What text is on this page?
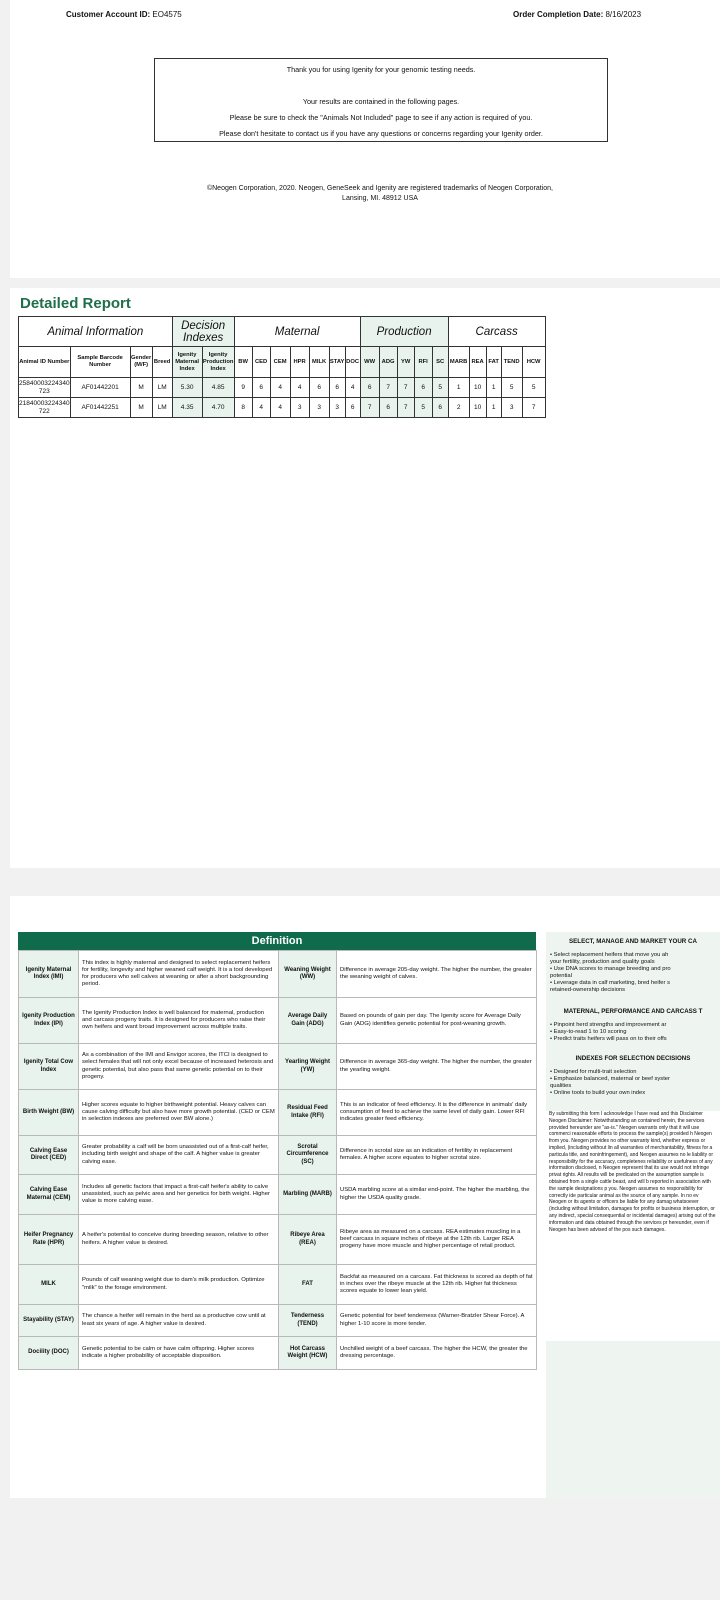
Customer Account ID: EO4575	Order Completion Date: 8/16/2023
Thank you for using Igenity for your genomic testing needs.
Your results are contained in the following pages.
Please be sure to check the "Animals Not Included" page to see if any action is required of you.
Please don't hesitate to contact us if you have any questions or concerns regarding your Igenity order.
©Neogen Corporation, 2020. Neogen, GeneSeek and Igenity are registered trademarks of Neogen Corporation,
Lansing, MI. 48912 USA
Detailed Report
Animal Information				Decision Indexes		Maternal							Production					Carcass				
Animal ID Number	Sample Barcode Number	Gender (M/F)	Breed	Igenity Maternal Index	Igenity Production Index	BW	CED	CEM	HPR	MILK	STAY	DOC	WW	ADG	YW	RFI	SC	MARB	REA	FAT	TEND	HCW
25840003224340 723	AF01442201	M	LM	5.30	4.85	9	6	4	4	6	6	4	6	7	7	6	5	1	10	1	5	5
21840003224340 722	AF01442251	M	LM	4.35	4.70	8	4	4	3	3	3	6	7	6	7	5	6	2	10	1	3	7
Definition
Igenity Maternal Index (IMI)	This index is highly maternal and designed to select replacement heifers for fertility, longevity and higher weaned calf weight. It is a tool developed for producers who sell calves at weaning or after a short backgrounding period.	Weaning Weight (WW)	Difference in average 205-day weight. The higher the number, the greater the weaning weight of calves.
Igenity Production Index (IPI)	The Igenity Production Index is well balanced for maternal, production and carcass progeny traits. It is designed for producers who raise their own heifers and want broad improvement across multiple traits.	Average Daily Gain (ADG)	Based on pounds of gain per day. The Igenity score for Average Daily Gain (ADG) identifies genetic potential for post-weaning growth.
Igenity Total Cow Index	As a combination of the IMI and Envigor scores, the ITCI is designed to select females that will not only excel because of increased heterosis and genetic potential, but also pass that same genetic potential on to their progeny.	Yearling Weight (YW)	Difference in average 365-day weight. The higher the number, the greater the yearling weight.
Birth Weight (BW)	Higher scores equate to higher birthweight potential. Heavy calves can cause calving difficulty but also have more growth potential. (CED or CEM in selection indexes are preferred over BW alone.)	Residual Feed Intake (RFI)	This is an indicator of feed efficiency. It is the difference in animals' daily consumption of feed to achieve the same level of daily gain. Lower RFI indicates greater feed efficiency.
Calving Ease Direct (CED)	Greater probability a calf will be born unassisted out of a first-calf heifer, including birth weight and shape of the calf. A higher value is greater calving ease.	Scrotal Circumference (SC)	Difference in scrotal size as an indication of fertility in replacement females. A higher score equates to higher scrotal size.
Calving Ease Maternal (CEM)	Includes all genetic factors that impact a first-calf heifer's ability to calve unassisted, such as pelvic area and her genetics for birth weight. Higher value is more calving ease.	Marbling (MARB)	USDA marbling score at a similar end-point. The higher the marbling, the higher the USDA quality grade.
Heifer Pregnancy Rate (HPR)	A heifer's potential to conceive during breeding season, relative to other heifers. A higher value is desired.	Ribeye Area (REA)	Ribeye area as measured on a carcass. REA estimates muscling in a beef carcass in square inches of ribeye at the 12th rib. Larger REA progeny have more muscle and higher percentage of retail product.
MILK	Pounds of calf weaning weight due to dam's milk production. Optimize "milk" to the forage environment.	FAT	Backfat as measured on a carcass. Fat thickness is scored as depth of fat in inches over the ribeye muscle at the 12th rib. Higher fat thickness scores equate to lower lean yield.
Stayability (STAY)	The chance a heifer will remain in the herd as a productive cow until at least six years of age. A higher value is desired.	Tenderness (TEND)	Genetic potential for beef tenderness (Warner-Bratzler Shear Force). A higher 1-10 score is more tender.
Docility (DOC)	Genetic potential to be calm or have calm offspring. Higher scores indicate a higher probability of acceptable disposition.	Hot Carcass Weight (HCW)	Unchilled weight of a beef carcass. The higher the HCW, the greater the dressing percentage.
SELECT, MANAGE AND MARKET YOUR CA
• Select replacement heifers that move you ah
your fertility, production and quality goals
• Use DNA scores to manage breeding and pro
potential
• Leverage data in calf marketing, bred heifer s
retained-ownership decisions
MATERNAL, PERFORMANCE AND CARCASS T
• Pinpoint herd strengths and improvement ar
• Easy-to-read 1 to 10 scoring
• Predict traits heifers will pass on to their offs
INDEXES FOR SELECTION DECISIONS
• Designed for multi-trait selection
• Emphasize balanced, maternal or beef syster
qualities
• Online tools to build your own index
By submitting this form I acknowledge I have read and this Disclaimer Neogen Disclaimer: Notwithstanding an contained herein, the services provided hereunder are "as-is." Neogen warrants only that it will use commerci reasonable efforts to process the sample(s) provided h Neogen from you. Neogen provides no other warranty kind, whether express or implied, (including without lin all warranties of merchantability, fitness for a particula title, and noninfringement), and Neogen assumes no le liability or responsibility for the accuracy, completenes reliability or usefulness of any information disclosed, n Neogen represent that its use would not infringe privat rights. All results will be predicated on the assumption sample is obtained from a single cattle beast, and will b reported in association with the sample designations p you. Neogen assumes no responsibility for correctly ide particular animal as the source of any sample. In no ev Neogen or its agents or officers be liable for any damag whatsoever (including without limitation, damages for profits or business interruption, or any indirect, special consequential or incidental damages) arising out of the information and data obtained through the services pr hereunder, even if Neogen has been advised of the pos such damages.
